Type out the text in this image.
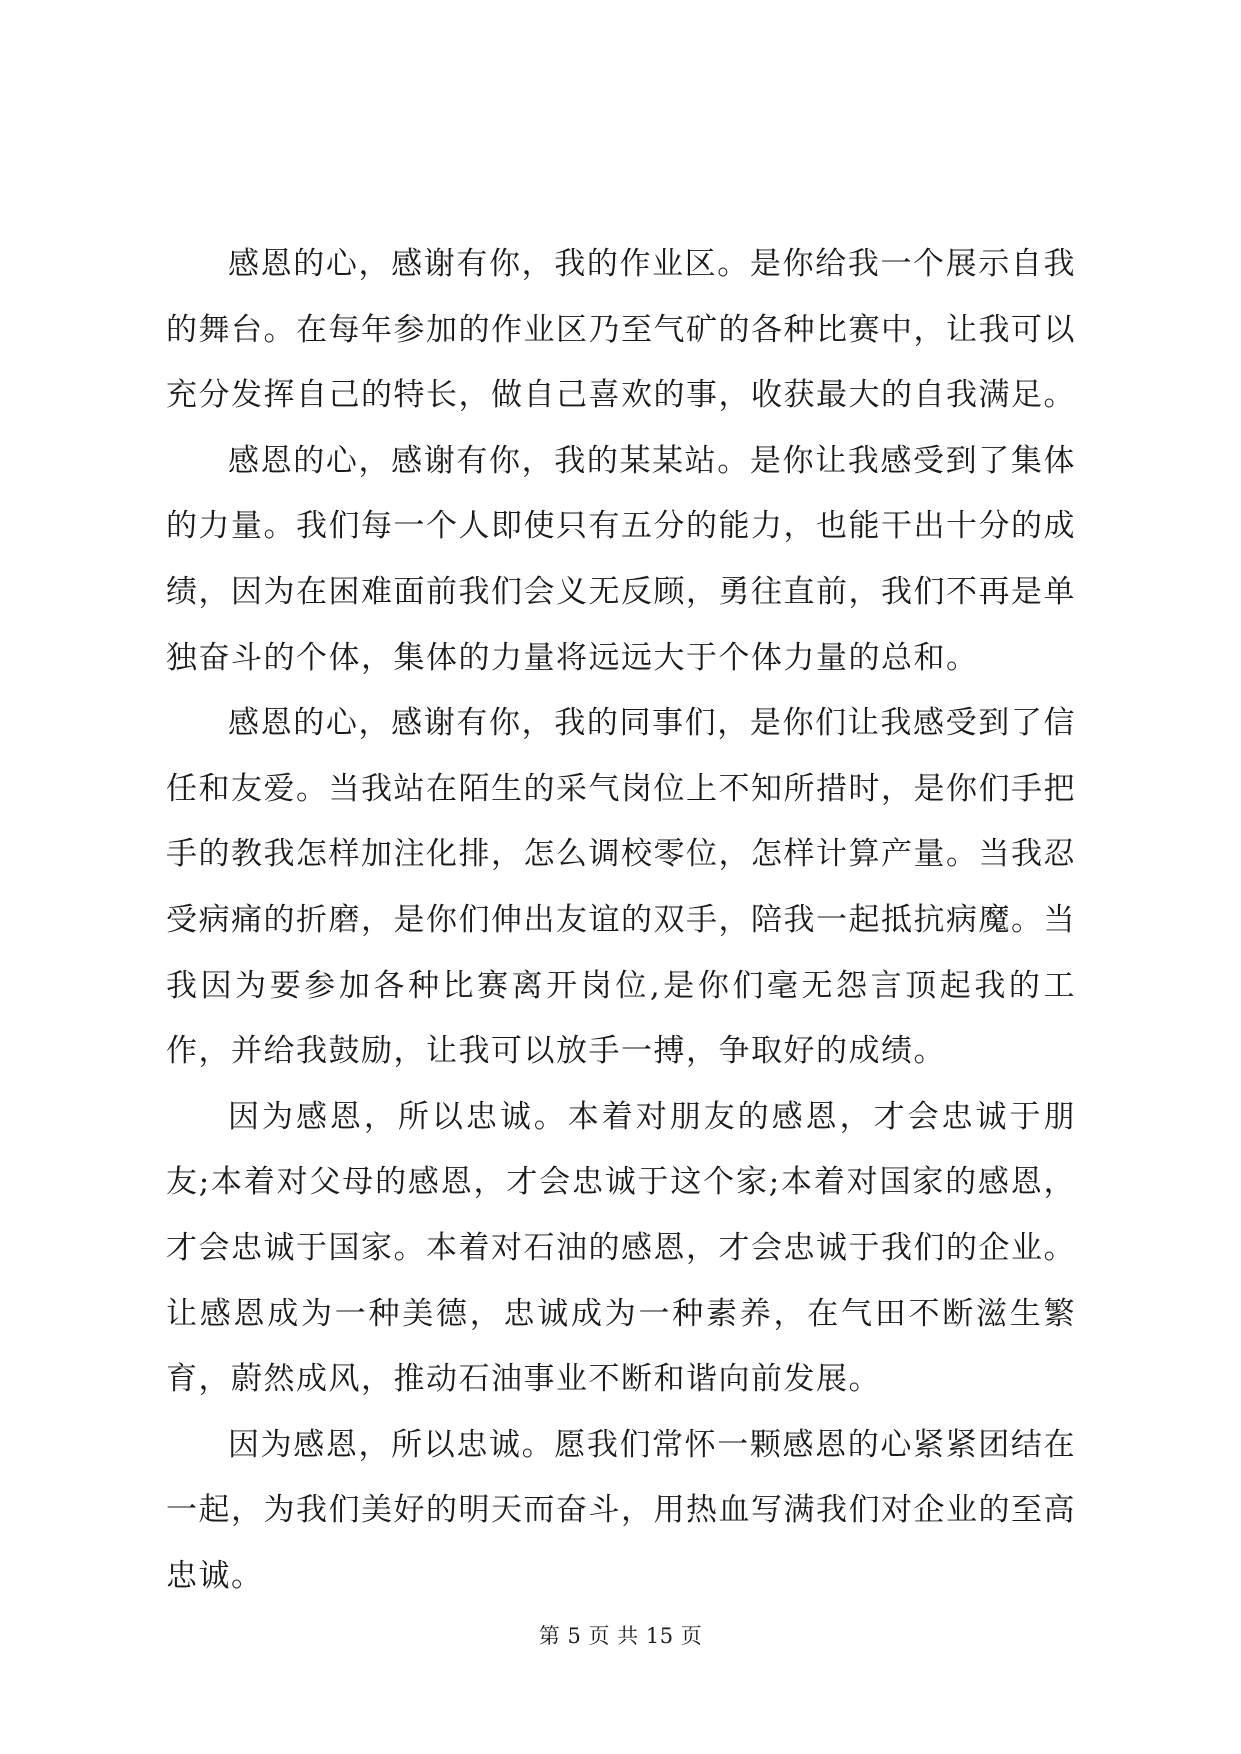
感恩的心，感谢有你，我的作业区。是你给我一个展示自我的舞台。在每年参加的作业区乃至气矿的各种比赛中，让我可以充分发挥自己的特长，做自己喜欢的事，收获最大的自我满足。

感恩的心，感谢有你，我的某某站。是你让我感受到了集体的力量。我们每一个人即使只有五分的能力，也能干出十分的成绩，因为在困难面前我们会义无反顾，勇往直前，我们不再是单独奋斗的个体，集体的力量将远远大于个体力量的总和。

感恩的心，感谢有你，我的同事们，是你们让我感受到了信任和友爱。当我站在陌生的采气岗位上不知所措时，是你们手把手的教我怎样加注化排，怎么调校零位，怎样计算产量。当我忍受病痛的折磨，是你们伸出友谊的双手，陪我一起抵抗病魔。当我因为要参加各种比赛离开岗位,是你们毫无怨言顶起我的工作，并给我鼓励，让我可以放手一搏，争取好的成绩。

因为感恩，所以忠诚。本着对朋友的感恩，才会忠诚于朋友;本着对父母的感恩，才会忠诚于这个家;本着对国家的感恩，才会忠诚于国家。本着对石油的感恩，才会忠诚于我们的企业。让感恩成为一种美德，忠诚成为一种素养，在气田不断滋生繁育，蔚然成风，推动石油事业不断和谐向前发展。

因为感恩，所以忠诚。愿我们常怀一颗感恩的心紧紧团结在一起，为我们美好的明天而奋斗，用热血写满我们对企业的至高忠诚。

第 5 页 共 15 页
